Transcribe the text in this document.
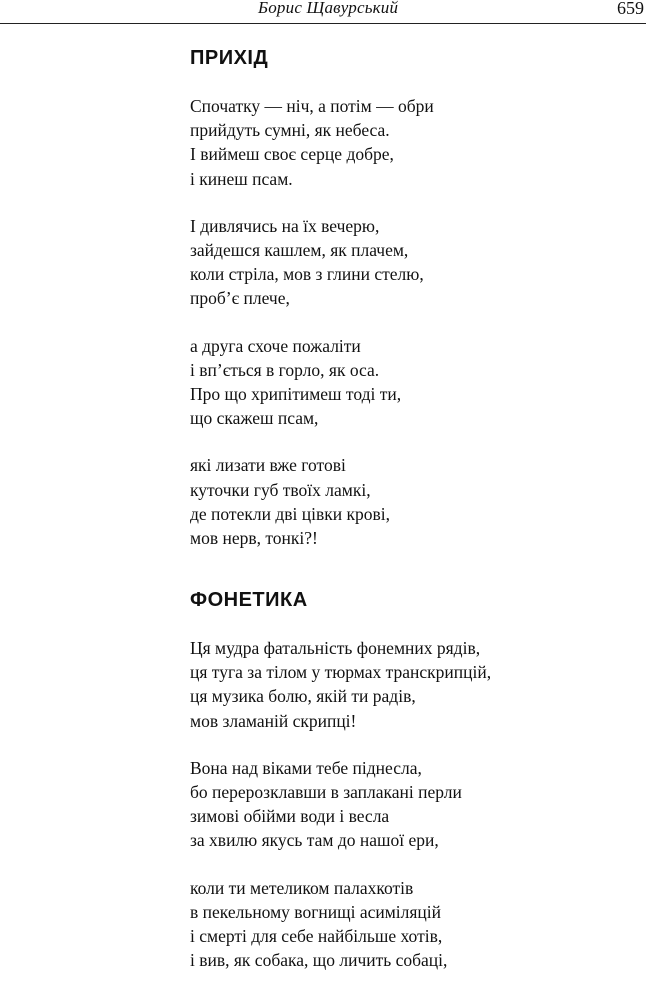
Борис Щавурський	659
ПРИХІД
Спочатку — ніч, а потім — обри
прийдуть сумні, як небеса.
І виймеш своє серце добре,
і кинеш псам.
І дивлячись на їх вечерю,
зайдешся кашлем, як плачем,
коли стріла, мов з глини стелю,
проб’є плече,
а друга схоче пожаліти
і вп’ється в горло, як оса.
Про що хрипітимеш тоді ти,
що скажеш псам,
які лизати вже готові
куточки губ твоїх ламкі,
де потекли дві цівки крові,
мов нерв, тонкі?!
ФОНЕТИКА
Ця мудра фатальність фонемних рядів,
ця туга за тілом у тюрмах транскрипцій,
ця музика болю, якій ти радів,
мов зламаній скрипці!
Вона над віками тебе піднесла,
бо перерозклавши в заплакані перли
зимові обійми води і весла
за хвилю якусь там до нашої ери,
коли ти метеликом палахкотів
в пекельному вогнищі асиміляцій
і смерті для себе найбільше хотів,
і вив, як собака, що личить собаці,
